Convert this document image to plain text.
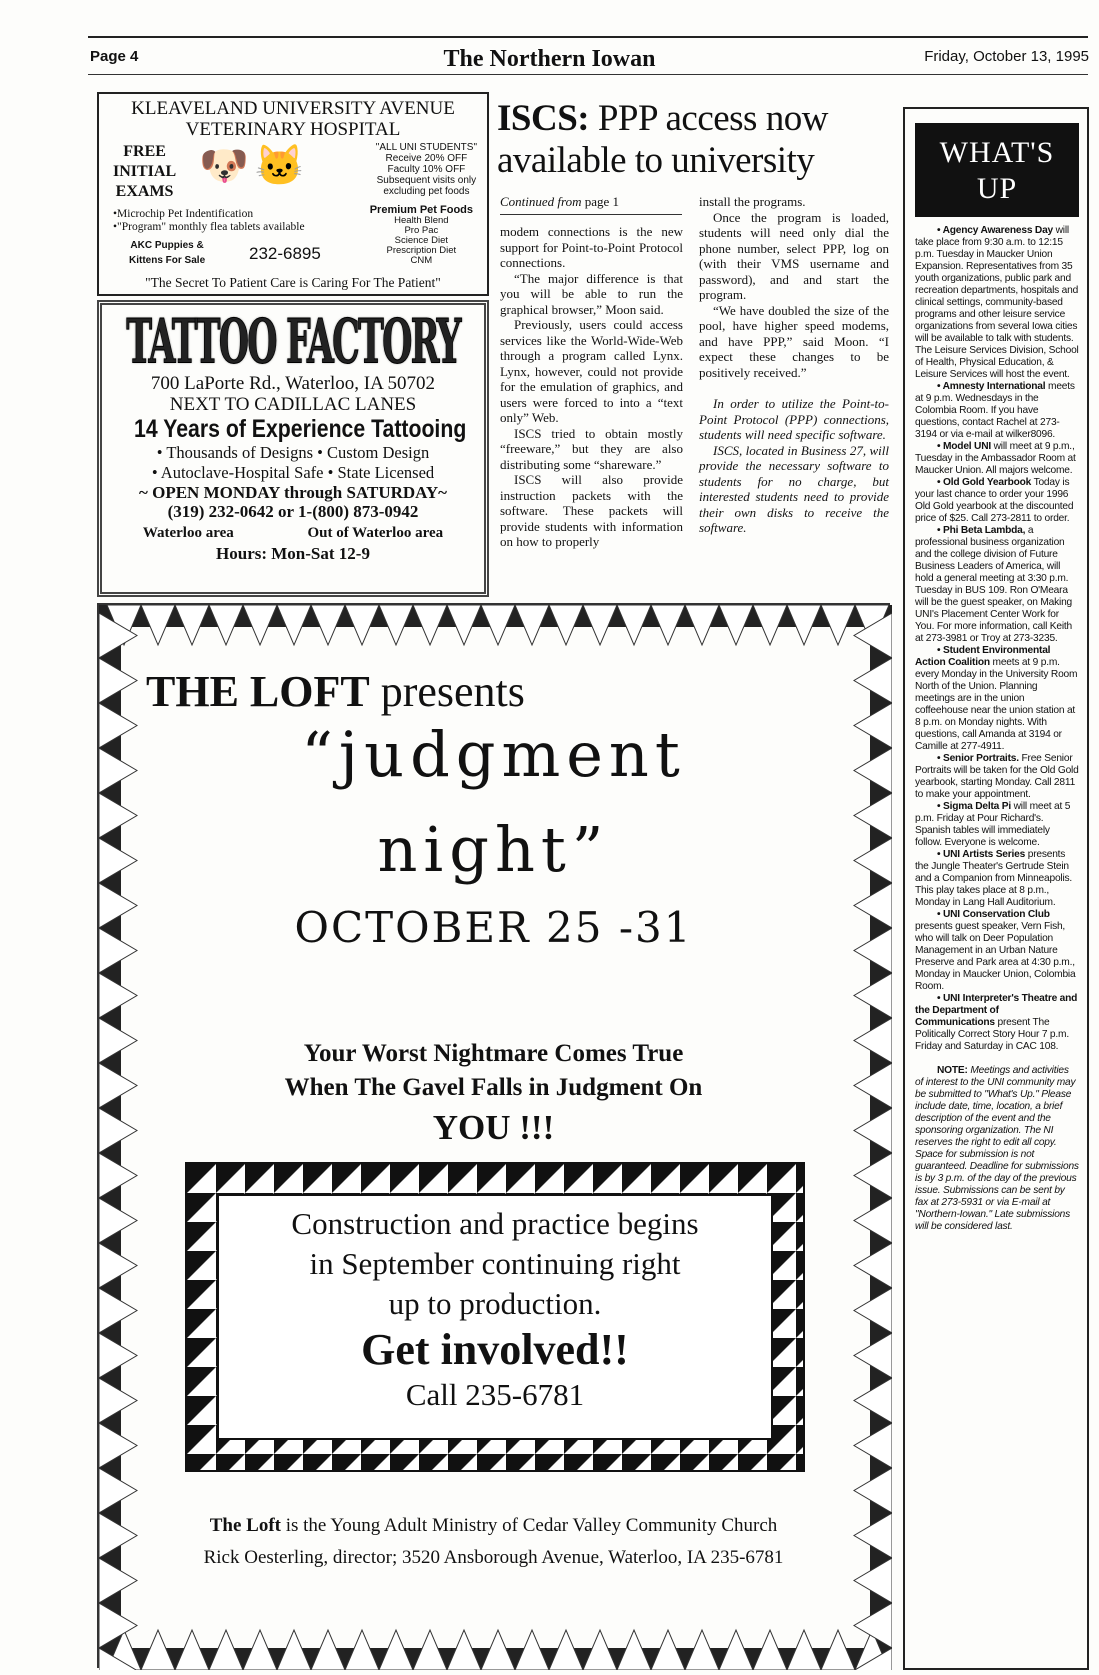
Page 4	The Northern Iowan	Friday, October 13, 1995
KLEAVELAND UNIVERSITY AVENUE
VETERINARY HOSPITAL
FREE
INITIAL
EXAMS
🐶🐱	"ALL UNI STUDENTS"
Receive 20% OFF
Faculty 10% OFF
Subsequent visits only
excluding pet foods
•Microchip Pet Indentification
•"Program" monthly flea tablets available
AKC Puppies &
Kittens For Sale	232-6895
Premium Pet Foods
Health Blend
Pro Pac
Science Diet
Prescription Diet
CNM
"The Secret To Patient Care is Caring For The Patient"
TATTOO FACTORY
700 LaPorte Rd., Waterloo, IA 50702
NEXT TO CADILLAC LANES
14 Years of Experience Tattooing
• Thousands of Designs • Custom Design
• Autoclave-Hospital Safe • State Licensed
~ OPEN MONDAY through SATURDAY~
(319) 232-0642 or 1-(800) 873-0942
Waterloo area	Out of Waterloo area
Hours: Mon-Sat 12-9
ISCS: PPP access now available to university
Continued from page 1

modem connections is the new support for Point-to-Point Protocol connections.

“The major difference is that you will be able to run the graphical browser,” Moon said.

Previously, users could access services like the World-Wide-Web through a program called Lynx. Lynx, however, could not provide for the emulation of graphics, and users were forced to into a “text only” Web.

ISCS tried to obtain mostly “freeware,” but they are also distributing some “shareware.”

ISCS will also provide instruction packets with the software. These packets will provide students with information on how to properly

install the programs.

Once the program is loaded, students will need only dial the phone number, select PPP, log on (with their VMS username and password), and and start the program.

“We have doubled the size of the pool, have higher speed modems, and have PPP,” said Moon. “I expect these changes to be positively received.”

In order to utilize the Point-to-Point Protocol (PPP) connections, students will need specific software.

ISCS, located in Business 27, will provide the necessary software to students for no charge, but interested students need to provide their own disks to receive the software.

WHAT'S
UP

• Agency Awareness Day will take place from 9:30 a.m. to 12:15 p.m. Tuesday in Maucker Union Expansion. Representatives from 35 youth organizations, public park and recreation departments, hospitals and clinical settings, community-based programs and other leisure service organizations from several Iowa cities will be available to talk with students. The Leisure Services Division, School of Health, Physical Education, & Leisure Services will host the event.

• Amnesty International meets at 9 p.m. Wednesdays in the Colombia Room. If you have questions, contact Rachel at 273-3194 or via e-mail at wilker8096.

• Model UNI will meet at 9 p.m., Tuesday in the Ambassador Room at Maucker Union. All majors welcome.

• Old Gold Yearbook Today is your last chance to order your 1996 Old Gold yearbook at the discounted price of $25. Call 273-2811 to order.

• Phi Beta Lambda, a professional business organization and the college division of Future Business Leaders of America, will hold a general meeting at 3:30 p.m. Tuesday in BUS 109. Ron O'Meara will be the guest speaker, on Making UNI's Placement Center Work for You. For more information, call Keith at 273-3981 or Troy at 273-3235.

• Student Environmental Action Coalition meets at 9 p.m. every Monday in the University Room North of the Union. Planning meetings are in the union coffeehouse near the union station at 8 p.m. on Monday nights. With questions, call Amanda at 3194 or Camille at 277-4911.

• Senior Portraits. Free Senior Portraits will be taken for the Old Gold yearbook, starting Monday. Call 2811 to make your appointment.

• Sigma Delta Pi will meet at 5 p.m. Friday at Pour Richard's. Spanish tables will immediately follow. Everyone is welcome.

• UNI Artists Series presents the Jungle Theater's Gertrude Stein and a Companion from Minneapolis. This play takes place at 8 p.m., Monday in Lang Hall Auditorium.

• UNI Conservation Club presents guest speaker, Vern Fish, who will talk on Deer Population Management in an Urban Nature Preserve and Park area at 4:30 p.m., Monday in Maucker Union, Colombia Room.

• UNI Interpreter's Theatre and the Department of Communications present The Politically Correct Story Hour 7 p.m. Friday and Saturday in CAC 108.

NOTE: Meetings and activities of interest to the UNI community may be submitted to "What's Up." Please include date, time, location, a brief description of the event and the sponsoring organization. The NI reserves the right to edit all copy. Space for submission is not guaranteed. Deadline for submissions is by 3 p.m. of the day of the previous issue. Submissions can be sent by fax at 273-5931 or via E-mail at "Northern-Iowan." Late submissions will be considered last.
THE LOFT presents
“judgment
night”
OCTOBER 25 -31
Your Worst Nightmare Comes True
When The Gavel Falls in Judgment On
YOU !!!
Construction and practice begins
in September continuing right
up to production.
Get involved!!
Call 235-6781
The Loft is the Young Adult Ministry of Cedar Valley Community Church
Rick Oesterling, director; 3520 Ansborough Avenue, Waterloo, IA 235-6781
